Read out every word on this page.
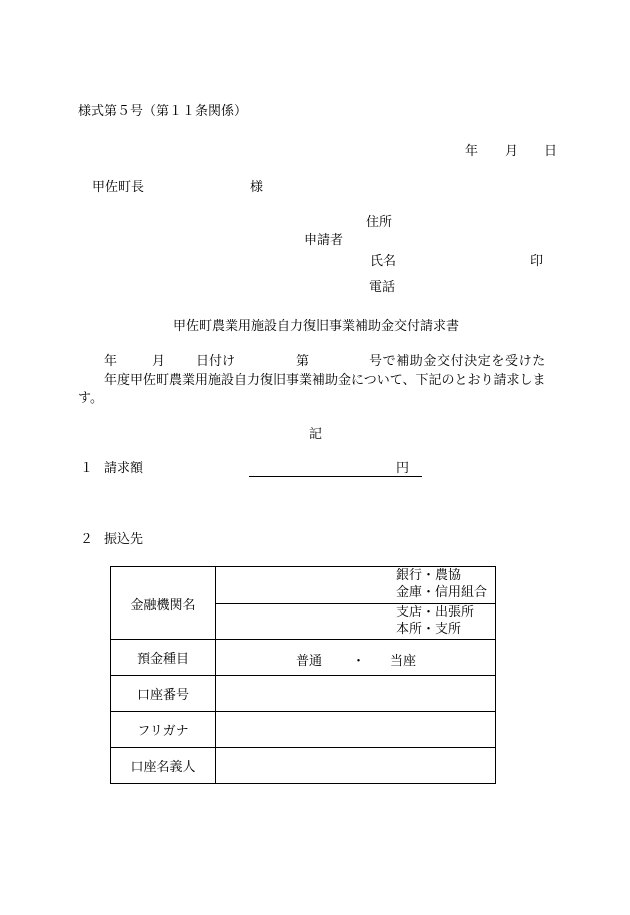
様式第５号（第１１条関係）
年 月 日
甲佐町長	様
住所
申請者
氏名	印
電話
甲佐町農業用施設自力復旧事業補助金交付請求書
年	月 日付け	第	号で補助金交付決定を受けた
年度甲佐町農業用施設自力復旧事業補助金について、下記のとおり請求しま
す。
記
１ 請求額	円
２ 振込先
金融機関名	銀行・農協
金庫・信用組合
支店・出張所
本所・支所

預金種目	普通 ・ 当座

口座番号	
フリガナ	
口座名義人	
